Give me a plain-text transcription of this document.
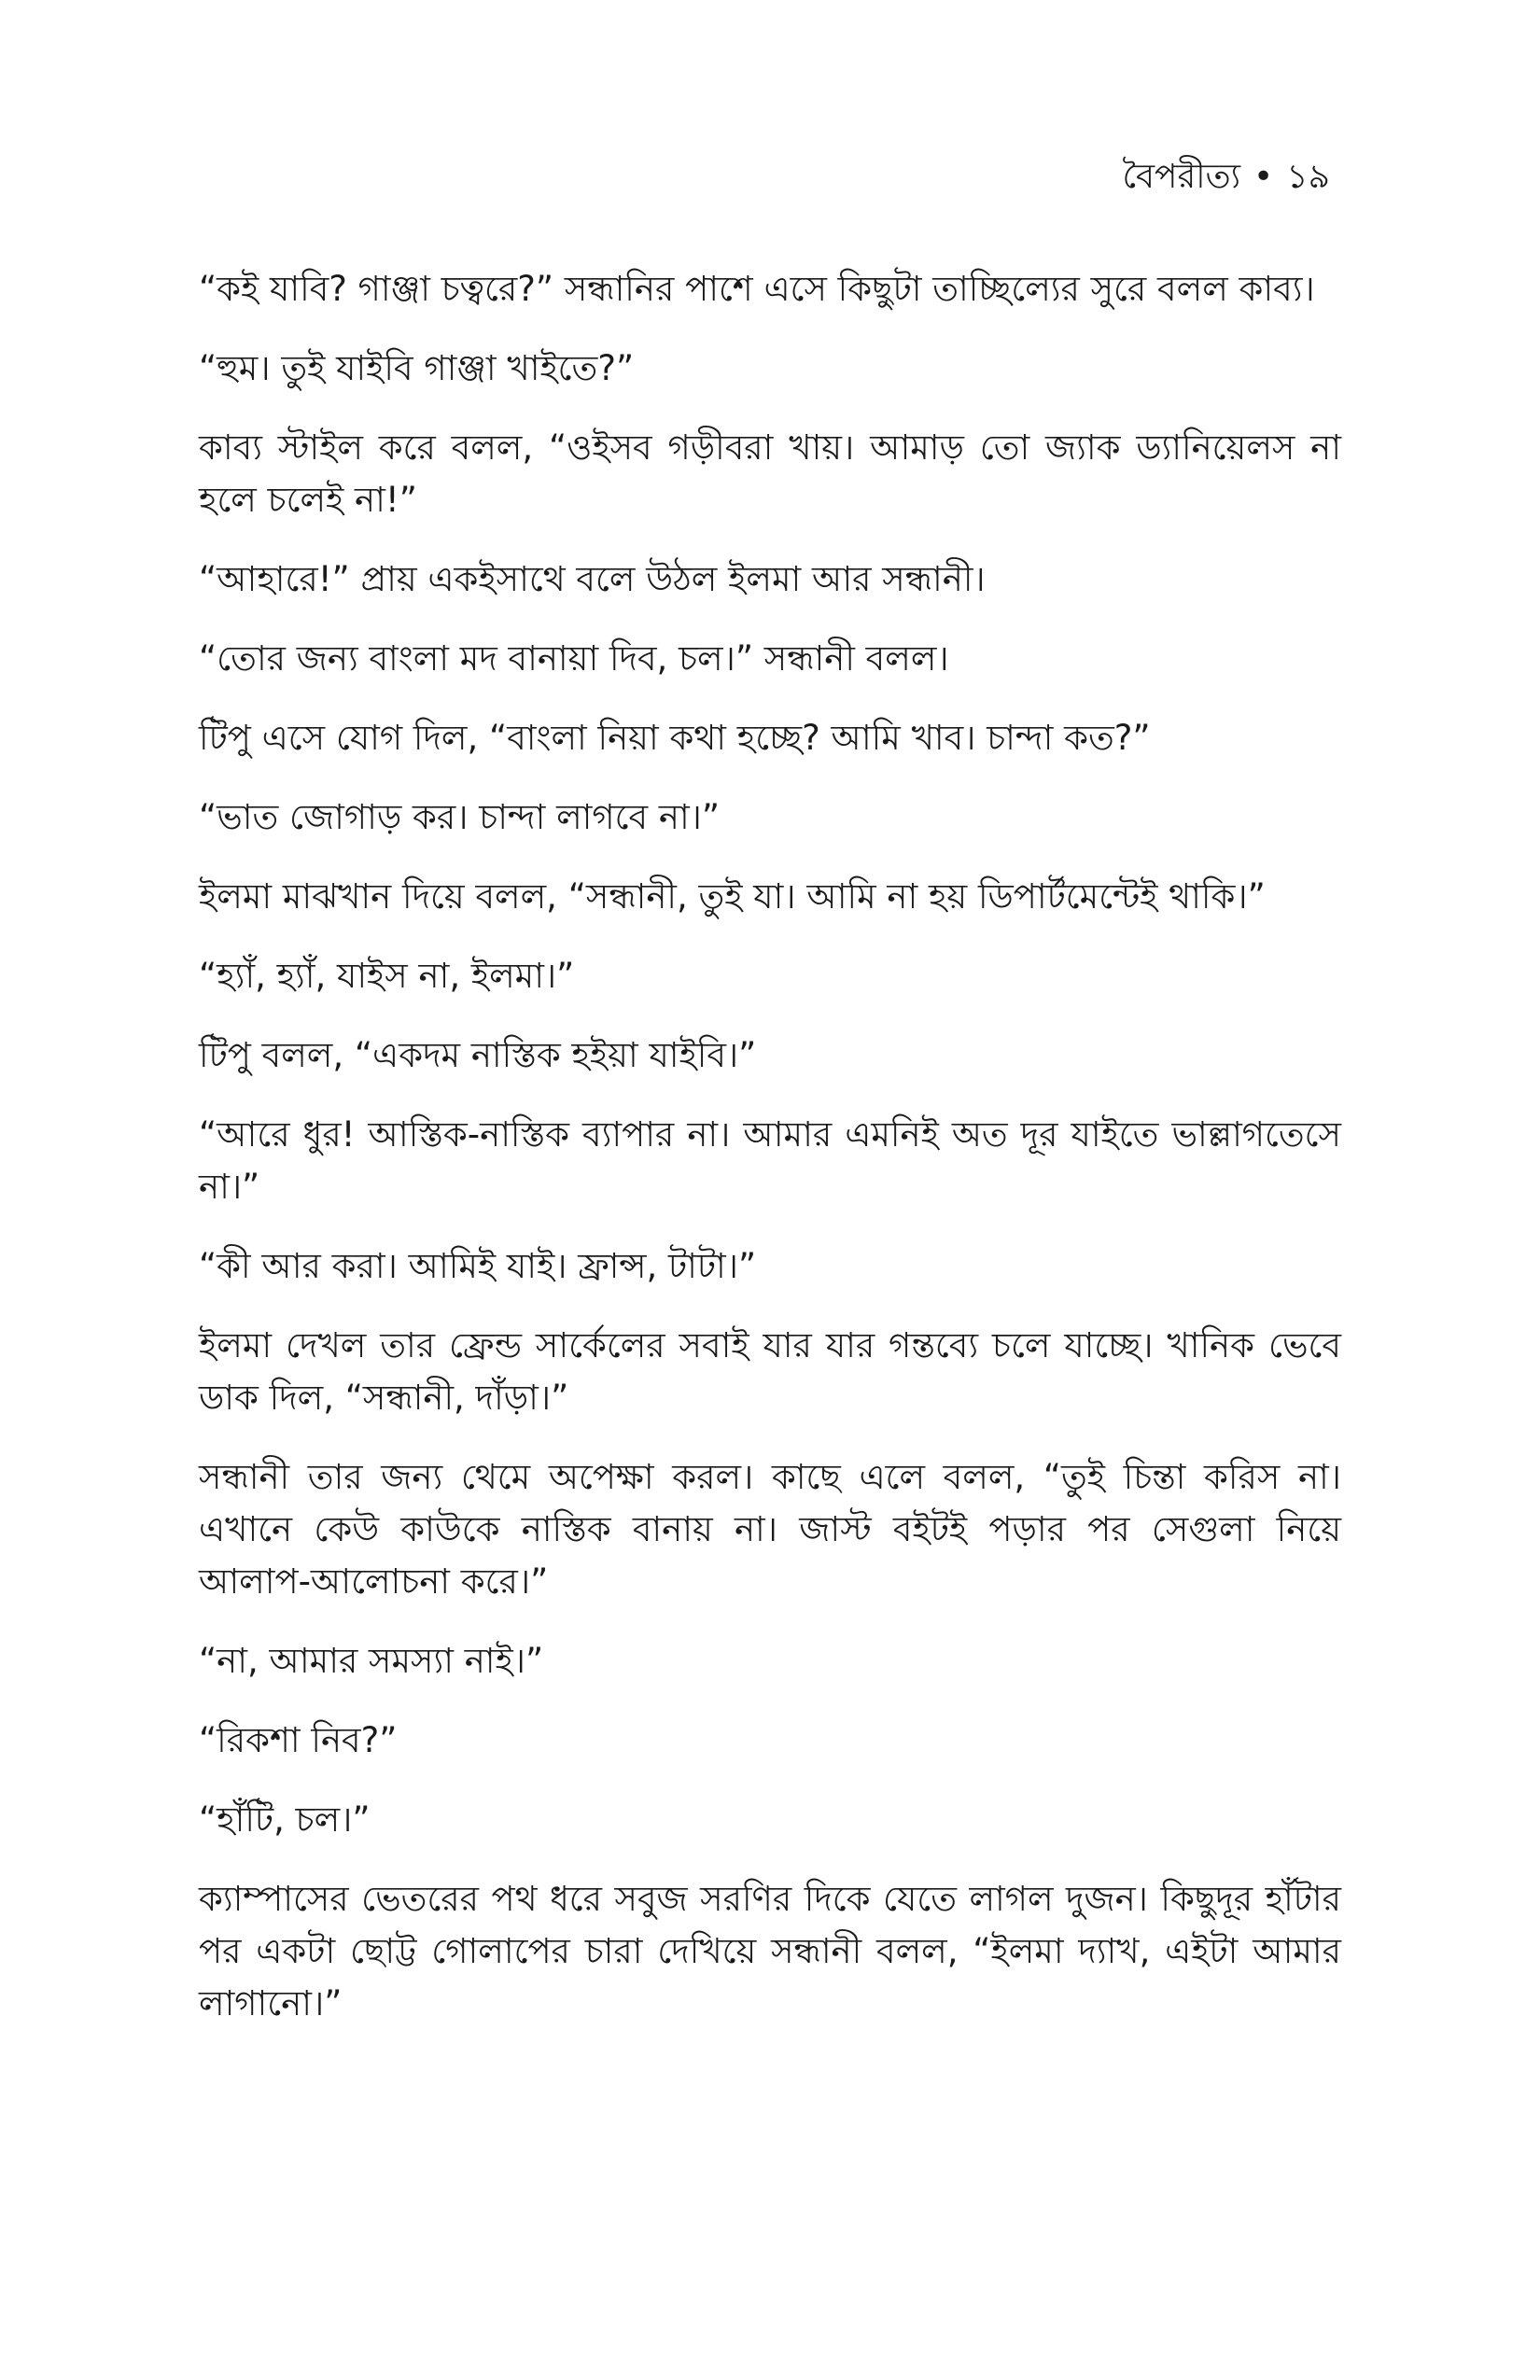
বৈপরীত্য • ১৯

“কই যাবি? গাঞ্জা চত্বরে?” সন্ধানির পাশে এসে কিছুটা তাচ্ছিল্যের সুরে বলল কাব্য।

“হুম। তুই যাইবি গাঞ্জা খাইতে?”

কাব্য স্টাইল করে বলল, “ওইসব গড়ীবরা খায়। আমাড় তো জ্যাক ড্যানিয়েলস না হলে চলেই না!”

“আহারে!” প্রায় একইসাথে বলে উঠল ইলমা আর সন্ধানী।

“তোর জন্য বাংলা মদ বানায়া দিব, চল।” সন্ধানী বলল।

টিপু এসে যোগ দিল, “বাংলা নিয়া কথা হচ্ছে? আমি খাব। চান্দা কত?”

“ভাত জোগাড় কর। চান্দা লাগবে না।”

ইলমা মাঝখান দিয়ে বলল, “সন্ধানী, তুই যা। আমি না হয় ডিপার্টমেন্টেই থাকি।”

“হ্যাঁ, হ্যাঁ, যাইস না, ইলমা।”

টিপু বলল, “একদম নাস্তিক হইয়া যাইবি।”

“আরে ধুর! আস্তিক-নাস্তিক ব্যাপার না। আমার এমনিই অত দূর যাইতে ভাল্লাগতেসে না।”

“কী আর করা। আমিই যাই। ফ্রান্স, টাটা।”

ইলমা দেখল তার ফ্রেন্ড সার্কেলের সবাই যার যার গন্তব্যে চলে যাচ্ছে। খানিক ভেবে ডাক দিল, “সন্ধানী, দাঁড়া।”

সন্ধানী তার জন্য থেমে অপেক্ষা করল। কাছে এলে বলল, “তুই চিন্তা করিস না। এখানে কেউ কাউকে নাস্তিক বানায় না। জাস্ট বইটই পড়ার পর সেগুলা নিয়ে আলাপ-আলোচনা করে।”

“না, আমার সমস্যা নাই।”

“রিকশা নিব?”

“হাঁটি, চল।”

ক্যাম্পাসের ভেতরের পথ ধরে সবুজ সরণির দিকে যেতে লাগল দুজন। কিছুদূর হাঁটার পর একটা ছোট্ট গোলাপের চারা দেখিয়ে সন্ধানী বলল, “ইলমা দ্যাখ, এইটা আমার লাগানো।”
